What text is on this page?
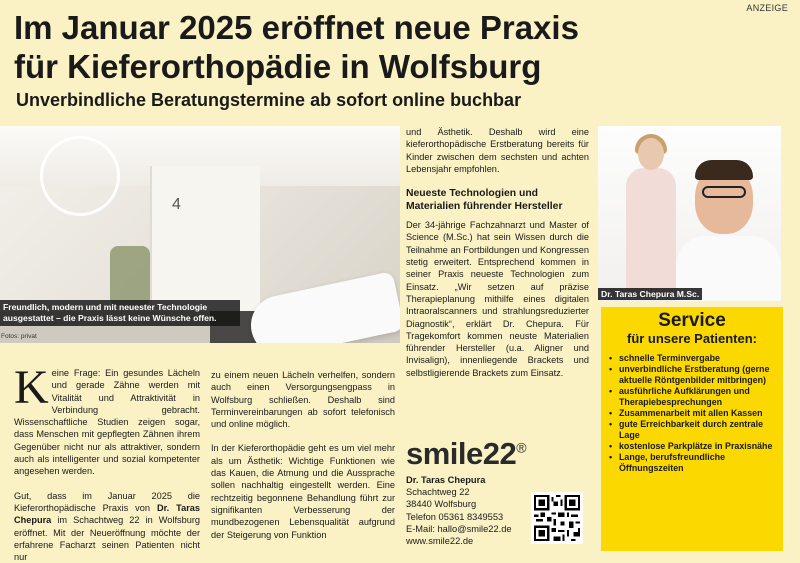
ANZEIGE
Im Januar 2025 eröffnet neue Praxis
für Kieferorthopädie in Wolfsburg
Unverbindliche Beratungstermine ab sofort online buchbar
4
Freundlich, modern und mit neuester Technologie ausgestattet – die Praxis lässt keine Wünsche offen.
Fotos: privat

Keine Frage: Ein gesundes Lächeln und gerade Zähne werden mit Vitalität und Attraktivität in Verbindung gebracht. Wissenschaftliche Studien zeigen sogar, dass Menschen mit gepflegten Zähnen ihrem Gegenüber nicht nur als attraktiver, sondern auch als intelligenter und sozial kompetenter angesehen werden.

Gut, dass im Januar 2025 die Kieferorthopädische Praxis von Dr. Taras Chepura im Schachtweg 22 in Wolfsburg eröffnet. Mit der Neueröffnung möchte der erfahrene Facharzt seinen Patienten nicht nur

zu einem neuen Lächeln verhelfen, sondern auch einen Versorgungsengpass in Wolfsburg schließen. Deshalb sind Terminvereinbarungen ab sofort telefonisch und online möglich.

In der Kieferorthopädie geht es um viel mehr als um Ästhetik: Wichtige Funktionen wie das Kauen, die Atmung und die Aussprache sollen nachhaltig eingestellt werden. Eine rechtzeitig begonnene Behandlung führt zur signifikanten Verbesserung der mundbezogenen Lebensqualität aufgrund der Steigerung von Funktion

und Ästhetik. Deshalb wird eine kieferorthopädische Erstberatung bereits für Kinder zwischen dem sechsten und achten Lebensjahr empfohlen.

Neueste Technologien und Materialien führender Hersteller

Der 34-jährige Fachzahnarzt und Master of Science (M.Sc.) hat sein Wissen durch die Teilnahme an Fortbildungen und Kongressen stetig erweitert. Entsprechend kommen in seiner Praxis neueste Technologien zum Einsatz. „Wir setzen auf präzise Therapieplanung mithilfe eines digitalen Intraoralscanners und strahlungsreduzierter Diagnostik“, erklärt Dr. Chepura. Für Tragekomfort kommen neuste Materialien führender Hersteller (u.a. Aligner und Invisalign), innenliegende Brackets und selbstligierende Brackets zum Einsatz.

smile22®
Dr. Taras Chepura
Schachtweg 22
38440 Wolfsburg
Telefon 05361 8349553
E-Mail: hallo@smile22.de
www.smile22.de
Dr. Taras Chepura M.Sc.
Service
für unsere Patienten:
• schnelle Terminvergabe
• unverbindliche Erstberatung (gerne aktuelle Röntgenbilder mitbringen)
• ausführliche Aufklärungen und Therapiebesprechungen
• Zusammenarbeit mit allen Kassen
• gute Erreichbarkeit durch zentrale Lage
• kostenlose Parkplätze in Praxisnähe
• Lange, berufsfreundliche Öffnungszeiten
